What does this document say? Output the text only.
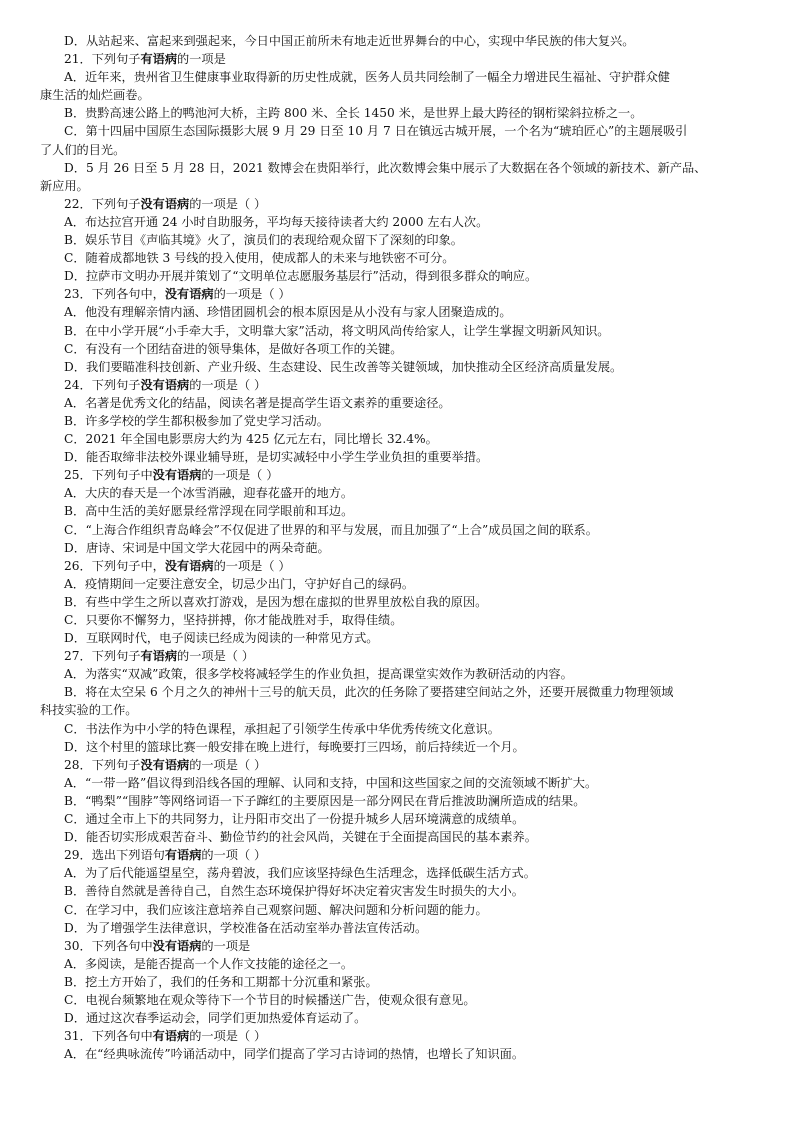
D．从站起来、富起来到强起来，今日中国正前所未有地走近世界舞台的中心，实现中华民族的伟大复兴。

21．下列句子有语病的一项是

A．近年来，贵州省卫生健康事业取得新的历史性成就，医务人员共同绘制了一幅全力增进民生福祉、守护群众健

康生活的灿烂画卷。

B．贵黔高速公路上的鸭池河大桥，主跨 800 米、全长 1450 米，是世界上最大跨径的钢桁梁斜拉桥之一。

C．第十四届中国原生态国际摄影大展 9 月 29 日至 10 月 7 日在镇远古城开展，一个名为“琥珀匠心”的主题展吸引

了人们的目光。

D．5 月 26 日至 5 月 28 日，2021 数博会在贵阳举行，此次数博会集中展示了大数据在各个领域的新技术、新产品、

新应用。

22．下列句子没有语病的一项是（ ）

A．布达拉宫开通 24 小时自助服务，平均每天接待读者大约 2000 左右人次。

B．娱乐节目《声临其境》火了，演员们的表现给观众留下了深刻的印象。

C．随着成都地铁 3 号线的投入使用，使成都人的未来与地铁密不可分。

D．拉萨市文明办开展并策划了“文明单位志愿服务基层行”活动，得到很多群众的响应。

23．下列各句中，没有语病的一项是（ ）

A．他没有理解亲情内涵、珍惜团圆机会的根本原因是从小没有与家人团聚造成的。

B．在中小学开展“小手牵大手，文明靠大家”活动，将文明风尚传给家人，让学生掌握文明新风知识。

C．有没有一个团结奋进的领导集体，是做好各项工作的关键。

D．我们要瞄准科技创新、产业升级、生态建设、民生改善等关键领域，加快推动全区经济高质量发展。

24．下列句子没有语病的一项是（ ）

A．名著是优秀文化的结晶，阅读名著是提高学生语文素养的重要途径。

B．许多学校的学生都积极参加了党史学习活动。

C．2021 年全国电影票房大约为 425 亿元左右，同比增长 32.4%。

D．能否取缔非法校外课业辅导班，是切实减轻中小学生学业负担的重要举措。

25．下列句子中没有语病的一项是（ ）

A．大庆的春天是一个冰雪消融，迎春花盛开的地方。

B．高中生活的美好愿景经常浮现在同学眼前和耳边。

C．“上海合作组织青岛峰会”不仅促进了世界的和平与发展，而且加强了“上合”成员国之间的联系。

D．唐诗、宋词是中国文学大花园中的两朵奇葩。

26．下列句子中，没有语病的一项是（ ）

A．疫情期间一定要注意安全，切忌少出门，守护好自己的绿码。

B．有些中学生之所以喜欢打游戏，是因为想在虚拟的世界里放松自我的原因。

C．只要你不懈努力，坚持拼搏，你才能战胜对手，取得佳绩。

D．互联网时代，电子阅读已经成为阅读的一种常见方式。

27．下列句子有语病的一项是（ ）

A．为落实“双减”政策，很多学校将减轻学生的作业负担，提高课堂实效作为教研活动的内容。

B．将在太空呆 6 个月之久的神州十三号的航天员，此次的任务除了要搭建空间站之外，还要开展微重力物理领域

科技实验的工作。

C．书法作为中小学的特色课程，承担起了引领学生传承中华优秀传统文化意识。

D．这个村里的篮球比赛一般安排在晚上进行，每晚要打三四场，前后持续近一个月。

28．下列句子没有语病的一项是（ ）

A．“一带一路”倡议得到沿线各国的理解、认同和支持，中国和这些国家之间的交流领域不断扩大。

B．“鸭梨”“围脖”等网络词语一下子蹿红的主要原因是一部分网民在背后推波助澜所造成的结果。

C．通过全市上下的共同努力，让丹阳市交出了一份提升城乡人居环境满意的成绩单。

D．能否切实形成艰苦奋斗、勤俭节约的社会风尚，关键在于全面提高国民的基本素养。

29．选出下列语句有语病的一项（ ）

A．为了后代能遥望星空，荡舟碧波，我们应该坚持绿色生活理念，选择低碳生活方式。

B．善待自然就是善待自己，自然生态环境保护得好坏决定着灾害发生时损失的大小。

C．在学习中，我们应该注意培养自己观察问题、解决问题和分析问题的能力。

D．为了增强学生法律意识，学校准备在活动室举办普法宣传活动。

30．下列各句中没有语病的一项是

A．多阅读，是能否提高一个人作文技能的途径之一。

B．挖土方开始了，我们的任务和工期都十分沉重和紧张。

C．电视台频繁地在观众等待下一个节目的时候播送广告，使观众很有意见。

D．通过这次春季运动会，同学们更加热爱体育运动了。

31．下列各句中有语病的一项是（ ）

A．在“经典咏流传”吟诵活动中，同学们提高了学习古诗词的热情，也增长了知识面。
